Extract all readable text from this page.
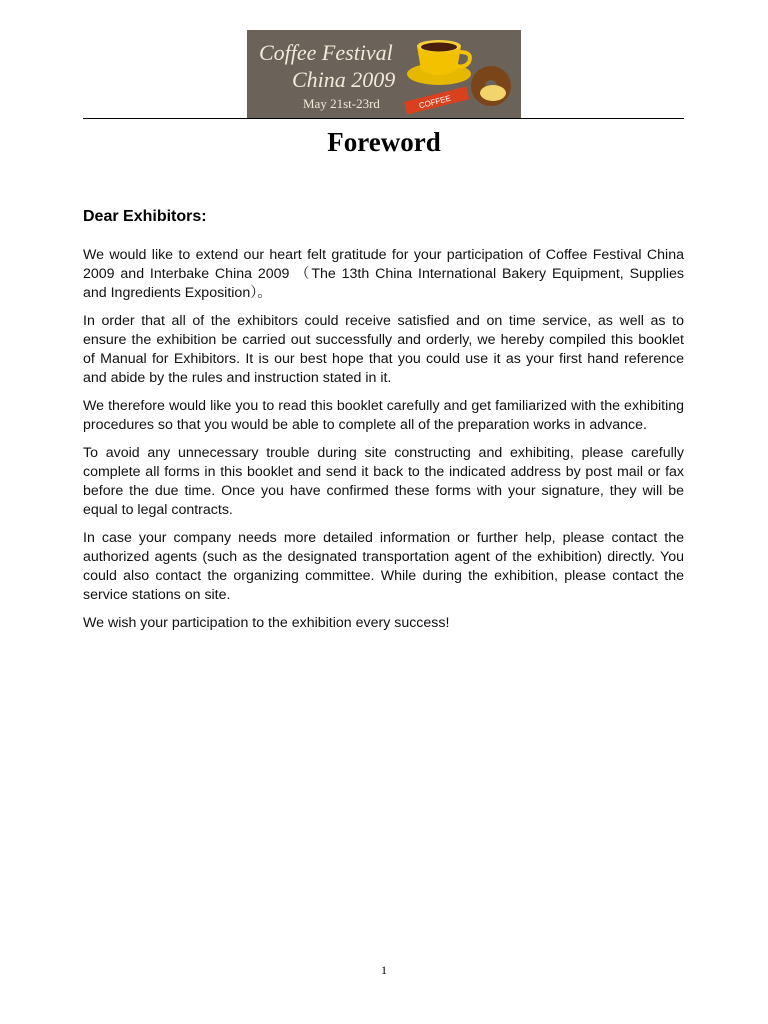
Coffee Festival
China 2009
May 21st-23rd	COFFEE
Foreword
Dear Exhibitors:

We would like to extend our heart felt gratitude for your participation of Coffee Festival China 2009 and Interbake China 2009 （The 13th China International Bakery Equipment, Supplies and Ingredients Exposition）。

In order that all of the exhibitors could receive satisfied and on time service, as well as to ensure the exhibition be carried out successfully and orderly, we hereby compiled this booklet of Manual for Exhibitors. It is our best hope that you could use it as your first hand reference and abide by the rules and instruction stated in it.

We therefore would like you to read this booklet carefully and get familiarized with the exhibiting procedures so that you would be able to complete all of the preparation works in advance.

To avoid any unnecessary trouble during site constructing and exhibiting, please carefully complete all forms in this booklet and send it back to the indicated address by post mail or fax before the due time. Once you have confirmed these forms with your signature, they will be equal to legal contracts.

In case your company needs more detailed information or further help, please contact the authorized agents (such as the designated transportation agent of the exhibition) directly. You could also contact the organizing committee. While during the exhibition, please contact the service stations on site.

We wish your participation to the exhibition every success!

1
